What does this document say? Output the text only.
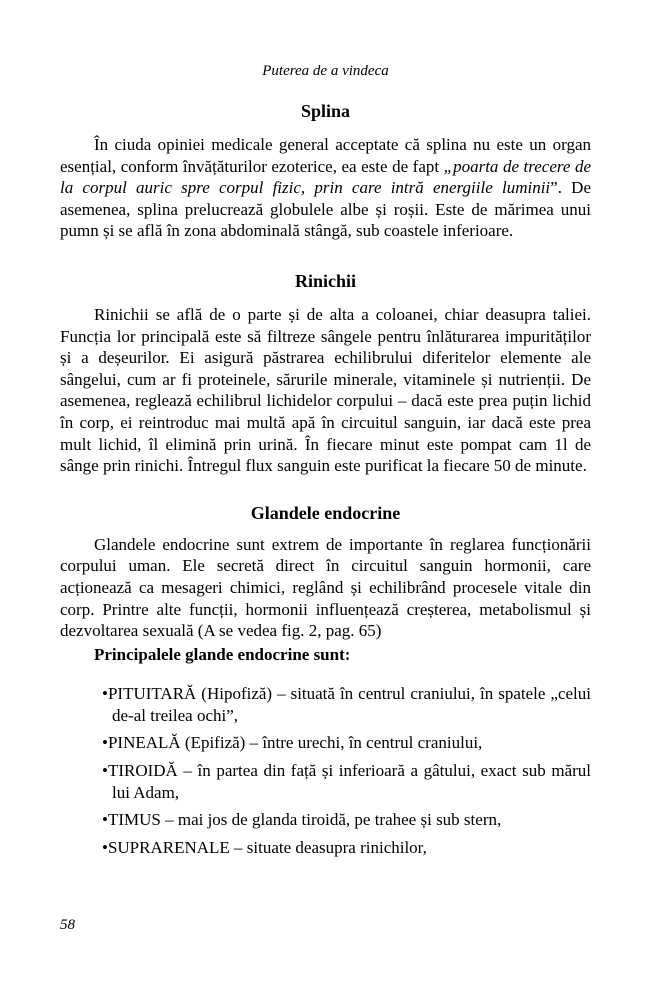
Puterea de a vindeca
Splina

În ciuda opiniei medicale general acceptate că splina nu este un organ esențial, conform învățăturilor ezoterice, ea este de fapt „poarta de trecere de la corpul auric spre corpul fizic, prin care intră energiile luminii”. De asemenea, splina prelucrează globulele albe și roșii. Este de mărimea unui pumn și se află în zona abdominală stângă, sub coastele inferioare.

Rinichii

Rinichii se află de o parte și de alta a coloanei, chiar deasupra taliei. Funcția lor principală este să filtreze sângele pentru înlăturarea impurităților și a deșeurilor. Ei asigură păstrarea echilibrului diferitelor elemente ale sângelui, cum ar fi proteinele, sărurile minerale, vitaminele și nutrienții. De asemenea, reglează echilibrul lichidelor corpului – dacă este prea puțin lichid în corp, ei reintroduc mai multă apă în circuitul sanguin, iar dacă este prea mult lichid, îl elimină prin urină. În fiecare minut este pompat cam 1l de sânge prin rinichi. Întregul flux sanguin este purificat la fiecare 50 de minute.

Glandele endocrine

Glandele endocrine sunt extrem de importante în reglarea funcționării corpului uman. Ele secretă direct în circuitul sanguin hormonii, care acționează ca mesageri chimici, reglând și echilibrând procesele vitale din corp. Printre alte funcții, hormonii influențează creșterea, metabolismul și dezvoltarea sexuală (A se vedea fig. 2, pag. 65)

Principalele glande endocrine sunt:

•PITUITARĂ (Hipofiză) – situată în centrul craniului, în spatele „celui de-al treilea ochi”,
•PINEALĂ (Epifiză) – între urechi, în centrul craniului,
•TIROIDĂ – în partea din față și inferioară a gâtului, exact sub mărul lui Adam,
•TIMUS – mai jos de glanda tiroidă, pe trahee și sub stern,
•SUPRARENALE – situate deasupra rinichilor,
58
